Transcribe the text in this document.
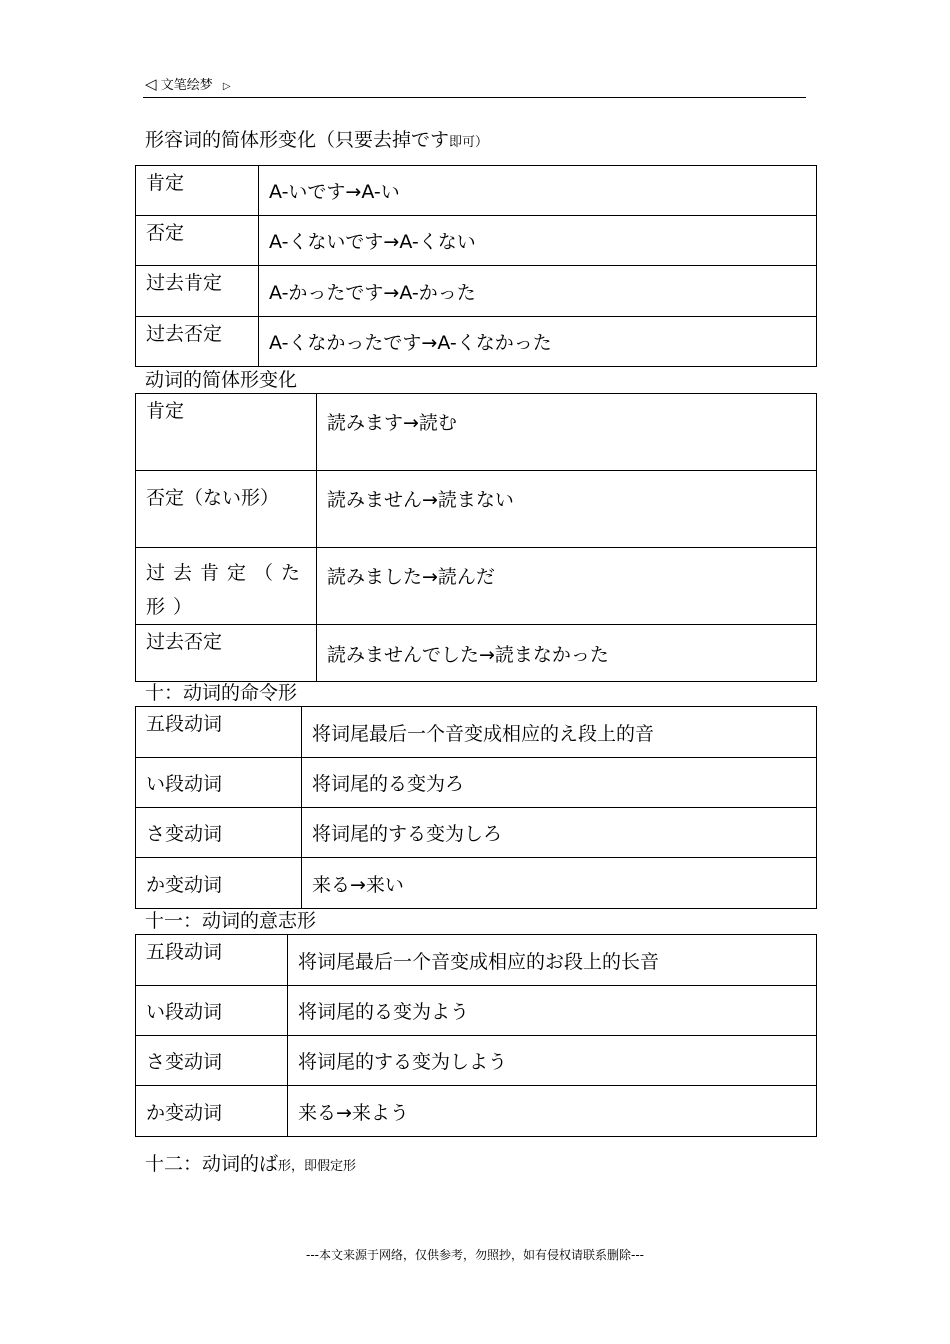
◁ 文笔绘梦 ▷
形容词的简体形变化（只要去掉です即可）
肯定	A-いです→A-い
否定	A-くないです→A-くない
过去肯定	A-かったです→A-かった
过去否定	A-くなかったです→A-くなかった
动词的简体形变化
肯定	読みます→読む
否定（ない形）	読みません→読まない
过去肯定（た形）	読みました→読んだ
过去否定	読みませんでした→読まなかった
十：动词的命令形
五段动词	将词尾最后一个音变成相应的え段上的音
い段动词	将词尾的る变为ろ
さ变动词	将词尾的する变为しろ
か变动词	来る→来い
十一：动词的意志形
五段动词	将词尾最后一个音变成相应的お段上的长音
い段动词	将词尾的る变为よう
さ变动词	将词尾的する变为しよう
か变动词	来る→来よう
十二：动词的ば形，即假定形
---本文来源于网络，仅供参考，勿照抄，如有侵权请联系删除---
